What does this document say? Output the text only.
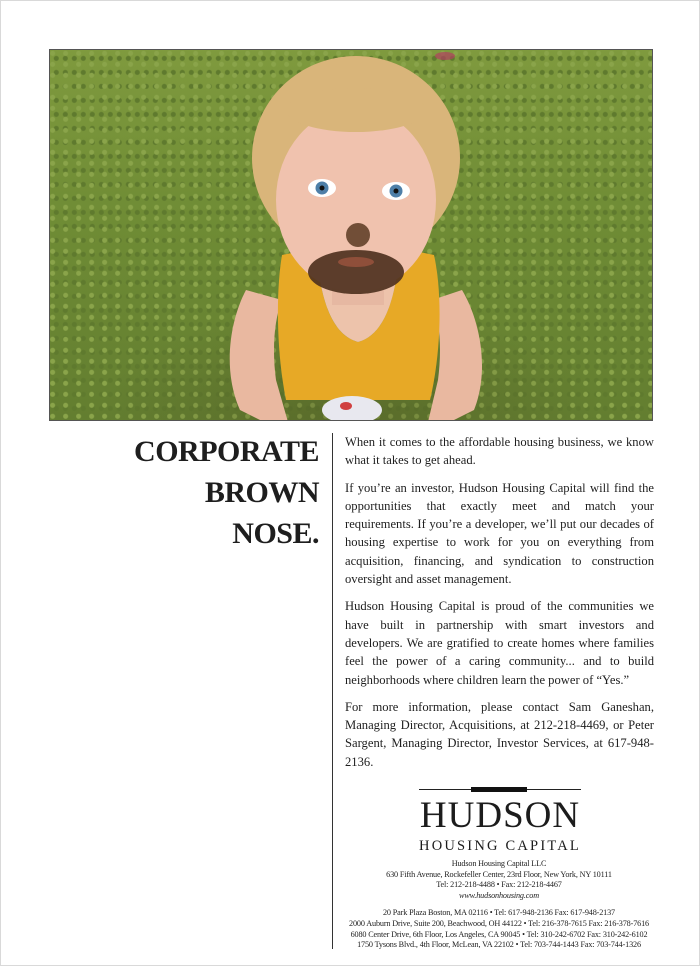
CORPORATE
BROWN
NOSE.

When it comes to the affordable housing business, we know what it takes to get ahead.

If you’re an investor, Hudson Housing Capital will find the opportunities that exactly meet and match your requirements. If you’re a developer, we’ll put our decades of housing expertise to work for you on everything from acquisition, financing, and syndication to construction oversight and asset management.

Hudson Housing Capital is proud of the communities we have built in partnership with smart investors and developers. We are gratified to create homes where families feel the power of a caring community... and to build neighborhoods where children learn the power of “Yes.”

For more information, please contact Sam Ganeshan, Managing Director, Acquisitions, at 212-218-4469, or Peter Sargent, Managing Director, Investor Services, at 617-948-2136.

HUDSON
HOUSING CAPITAL
Hudson Housing Capital LLC
630 Fifth Avenue, Rockefeller Center, 23rd Floor, New York, NY 10111
Tel: 212-218-4488 • Fax: 212-218-4467
www.hudsonhousing.com
20 Park Plaza Boston, MA 02116 • Tel: 617-948-2136 Fax: 617-948-2137
2000 Auburn Drive, Suite 200, Beachwood, OH 44122 • Tel: 216-378-7615 Fax: 216-378-7616
6080 Center Drive, 6th Floor, Los Angeles, CA 90045 • Tel: 310-242-6702 Fax: 310-242-6102
1750 Tysons Blvd., 4th Floor, McLean, VA 22102 • Tel: 703-744-1443 Fax: 703-744-1326
